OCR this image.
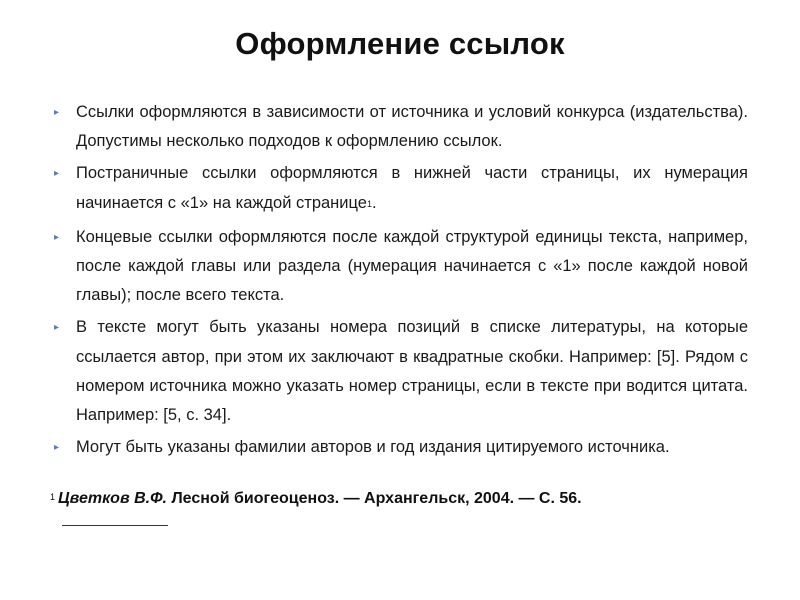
Оформление ссылок
▸ Ссылки оформляются в зависимости от источника и условий конкурса (издательства). Допустимы несколько подходов к оформлению ссылок.
▸ Постраничные ссылки оформляются в нижней части страницы, их нумерация начинается с «1» на каждой странице1.
▸ Концевые ссылки оформляются после каждой структурой единицы текста, например, после каждой главы или раздела (нумерация начинается с «1» после каждой новой главы); после всего текста.
▸ В тексте могут быть указаны номера позиций в списке литературы, на которые ссылается автор, при этом их заключают в квадратные скобки. Например: [5]. Рядом с номером источника можно указать номер страницы, если в тексте при водится цитата. Например: [5, с. 34].
▸ Могут быть указаны фамилии авторов и год издания цитируемого источника.
1 Цветков В.Ф. Лесной биогеоценоз. — Архангельск, 2004. — С. 56.
